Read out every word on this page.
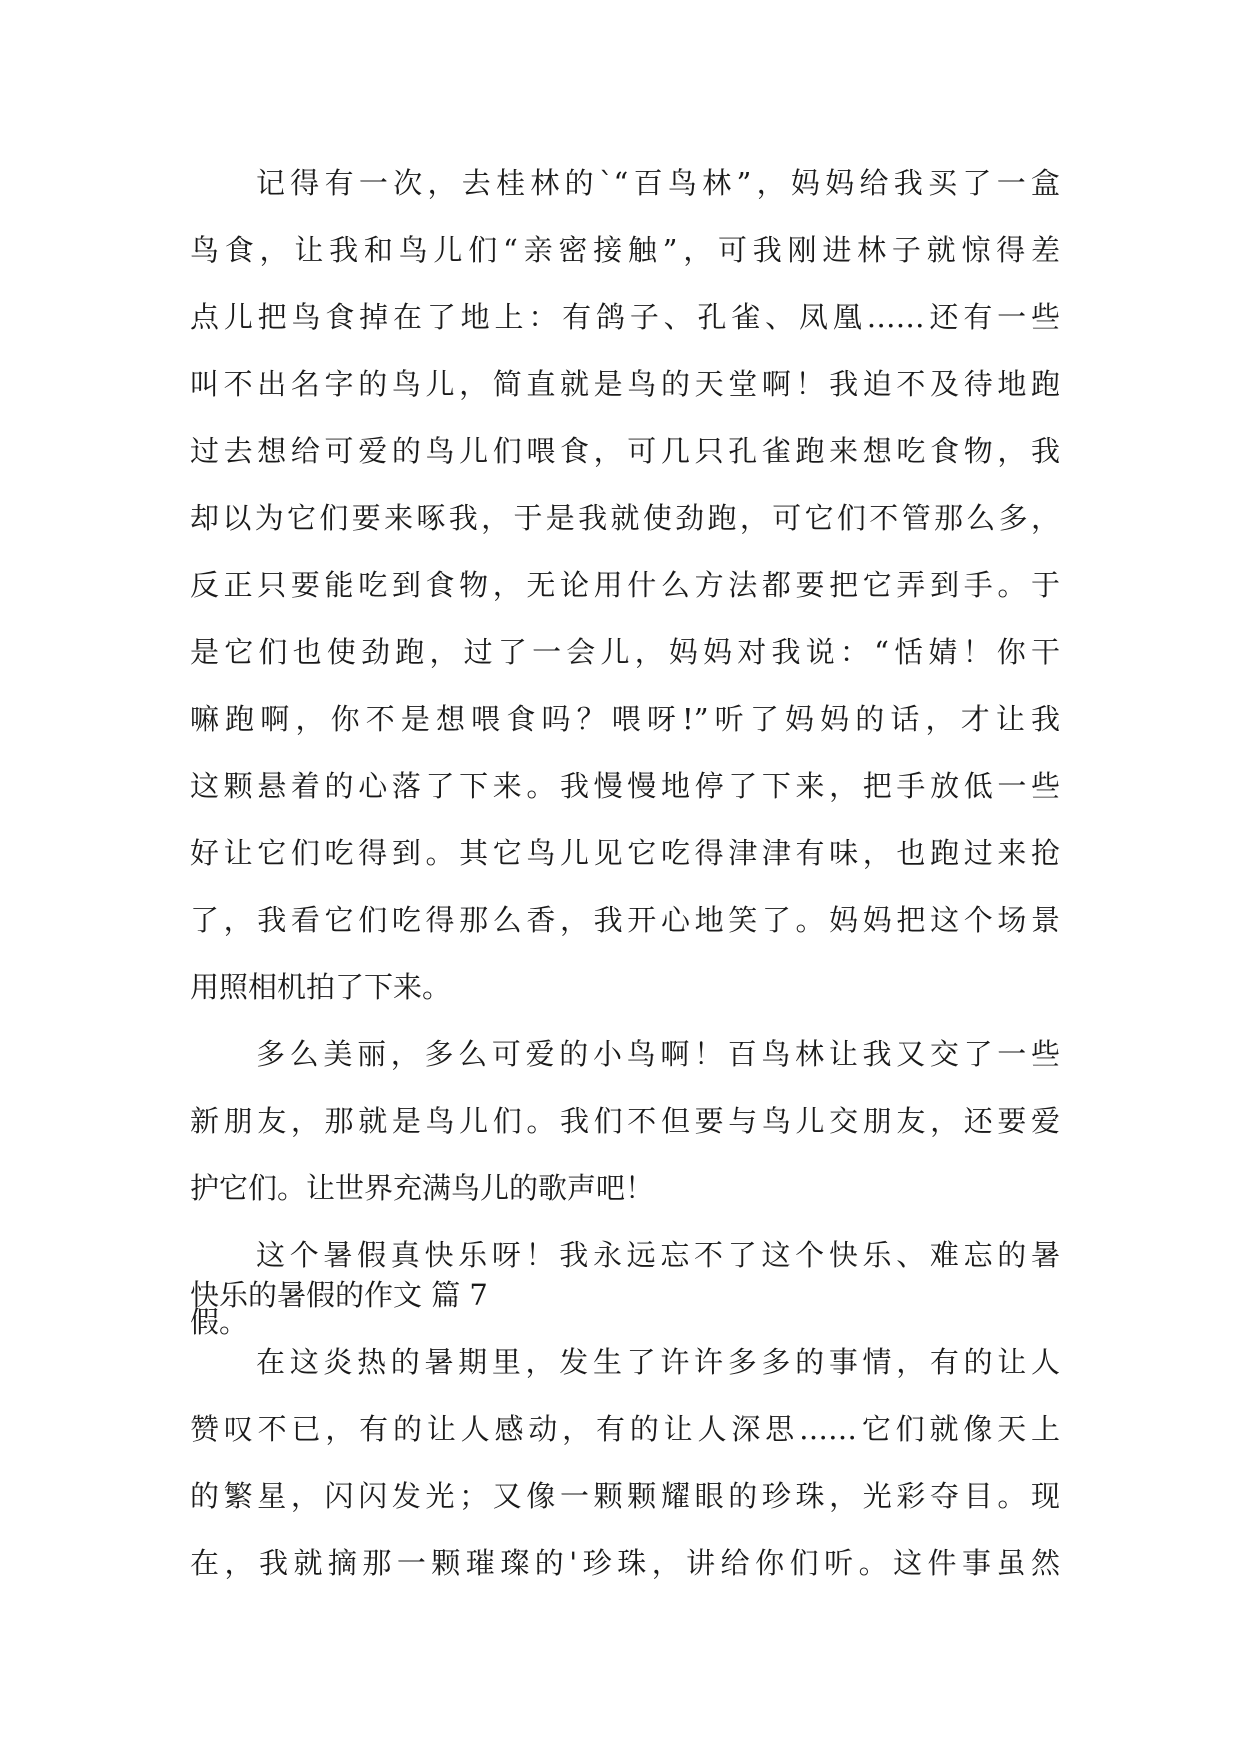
记得有一次，去桂林的`“百鸟林”，妈妈给我买了一盒
鸟食，让我和鸟儿们“亲密接触”，可我刚进林子就惊得差
点儿把鸟食掉在了地上：有鸽子、孔雀、凤凰……还有一些
叫不出名字的鸟儿，简直就是鸟的天堂啊！我迫不及待地跑
过去想给可爱的鸟儿们喂食，可几只孔雀跑来想吃食物，我
却以为它们要来啄我，于是我就使劲跑，可它们不管那么多，
反正只要能吃到食物，无论用什么方法都要把它弄到手。于
是它们也使劲跑，过了一会儿，妈妈对我说：“恬婧！你干
嘛跑啊，你不是想喂食吗？喂呀!”听了妈妈的话，才让我
这颗悬着的心落了下来。我慢慢地停了下来，把手放低一些
好让它们吃得到。其它鸟儿见它吃得津津有味，也跑过来抢
了，我看它们吃得那么香，我开心地笑了。妈妈把这个场景
用照相机拍了下来。
多么美丽，多么可爱的小鸟啊！百鸟林让我又交了一些
新朋友，那就是鸟儿们。我们不但要与鸟儿交朋友，还要爱
护它们。让世界充满鸟儿的歌声吧！
这个暑假真快乐呀！我永远忘不了这个快乐、难忘的暑
假。
快乐的暑假的作文 篇 7
在这炎热的暑期里，发生了许许多多的事情，有的让人
赞叹不已，有的让人感动，有的让人深思……它们就像天上
的繁星，闪闪发光；又像一颗颗耀眼的珍珠，光彩夺目。现
在，我就摘那一颗璀璨的'珍珠，讲给你们听。这件事虽然
